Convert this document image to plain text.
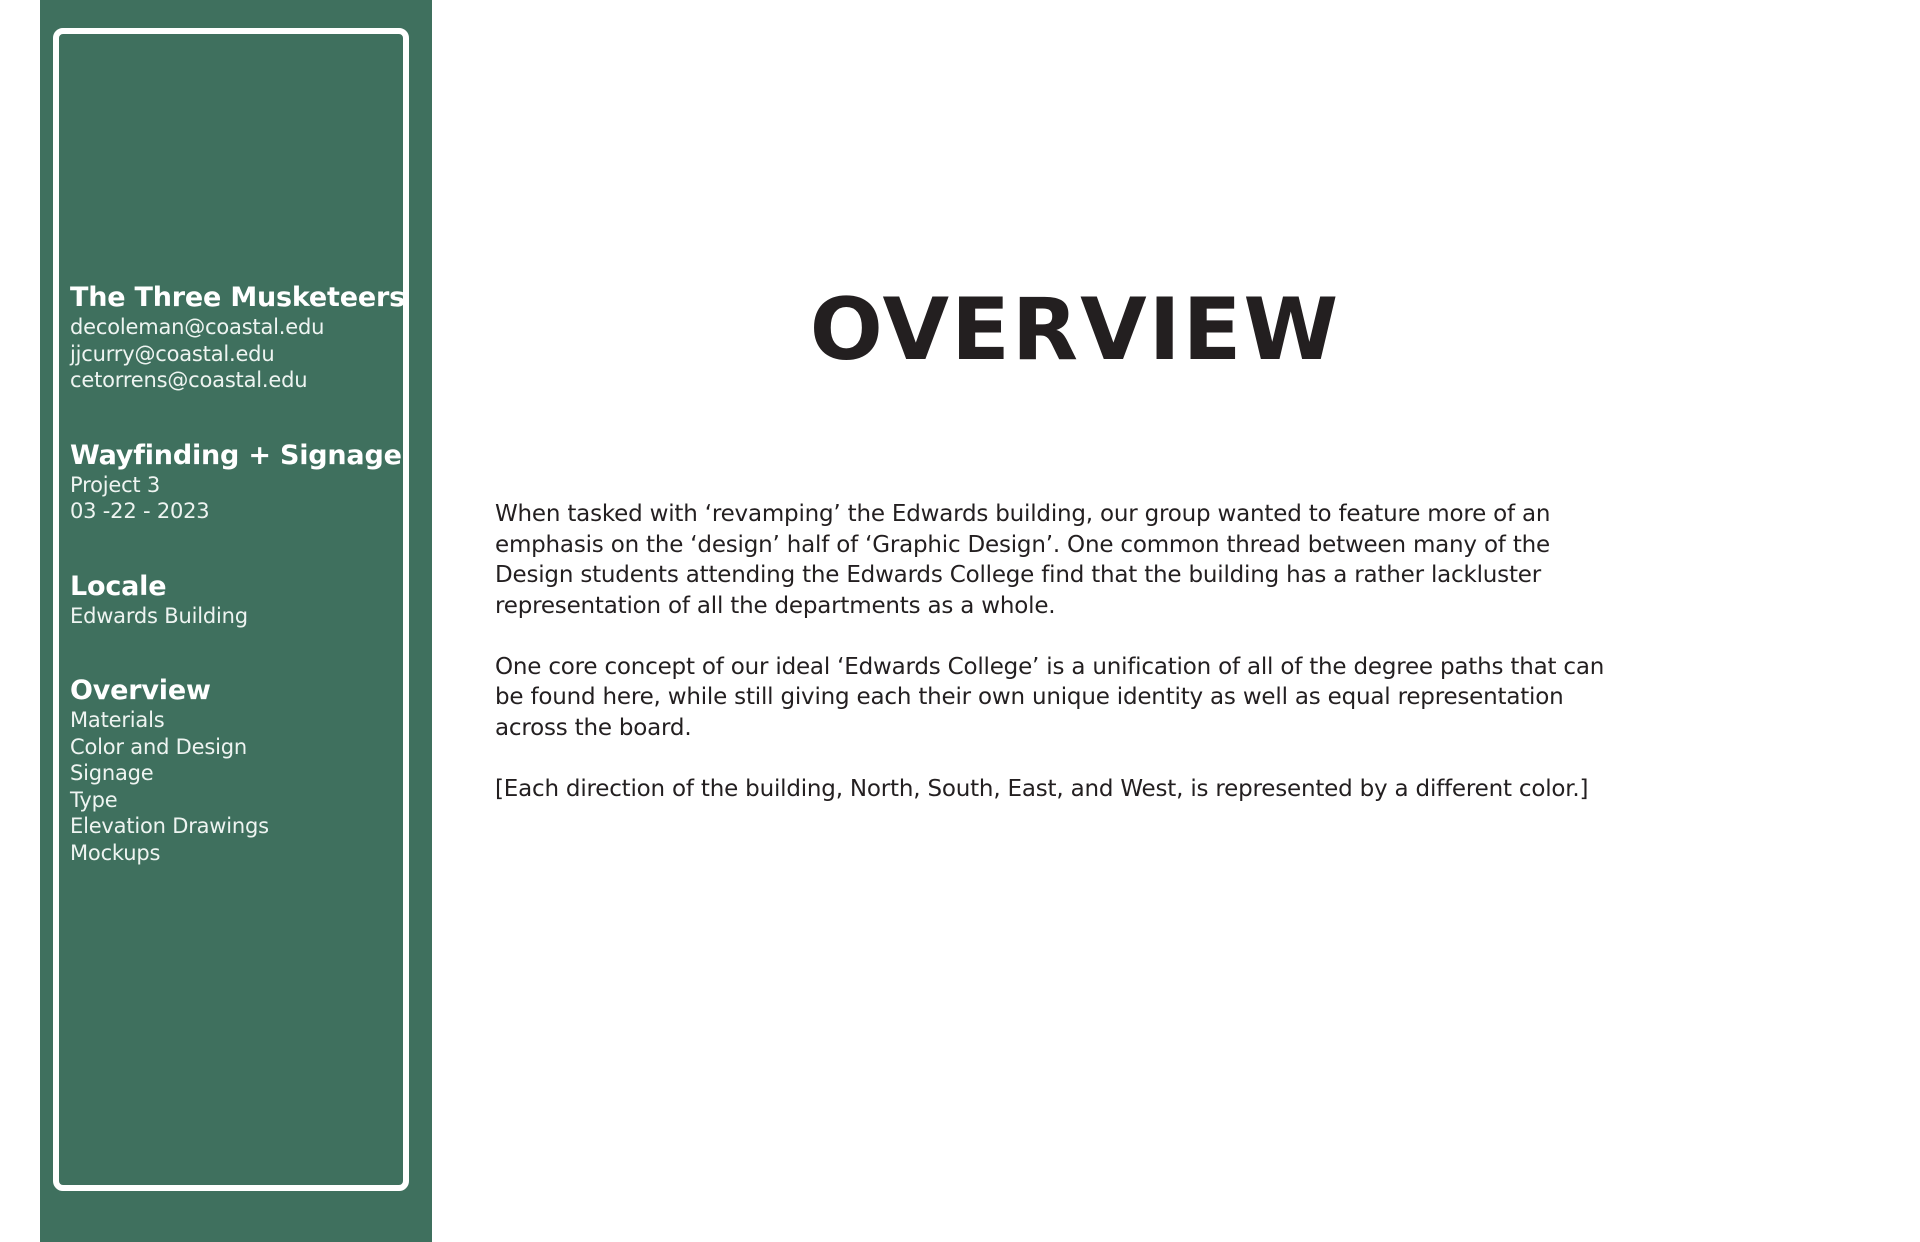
The Three Musketeers
decoleman@coastal.edu
jjcurry@coastal.edu
cetorrens@coastal.edu
Wayfinding + Signage
Project 3
03 -22 - 2023
Locale
Edwards Building
Overview
Materials
Color and Design
Signage
Type
Elevation Drawings
Mockups
OVERVIEW

When tasked with ‘revamping’ the Edwards building, our group wanted to feature more of an emphasis on the ‘design’ half of ‘Graphic Design’. One common thread between many of the Design students attending the Edwards College find that the building has a rather lackluster representation of all the departments as a whole.

One core concept of our ideal ‘Edwards College’ is a unification of all of the degree paths that can be found here, while still giving each their own unique identity as well as equal representation across the board.

[Each direction of the building, North, South, East, and West, is represented by a different color.]
